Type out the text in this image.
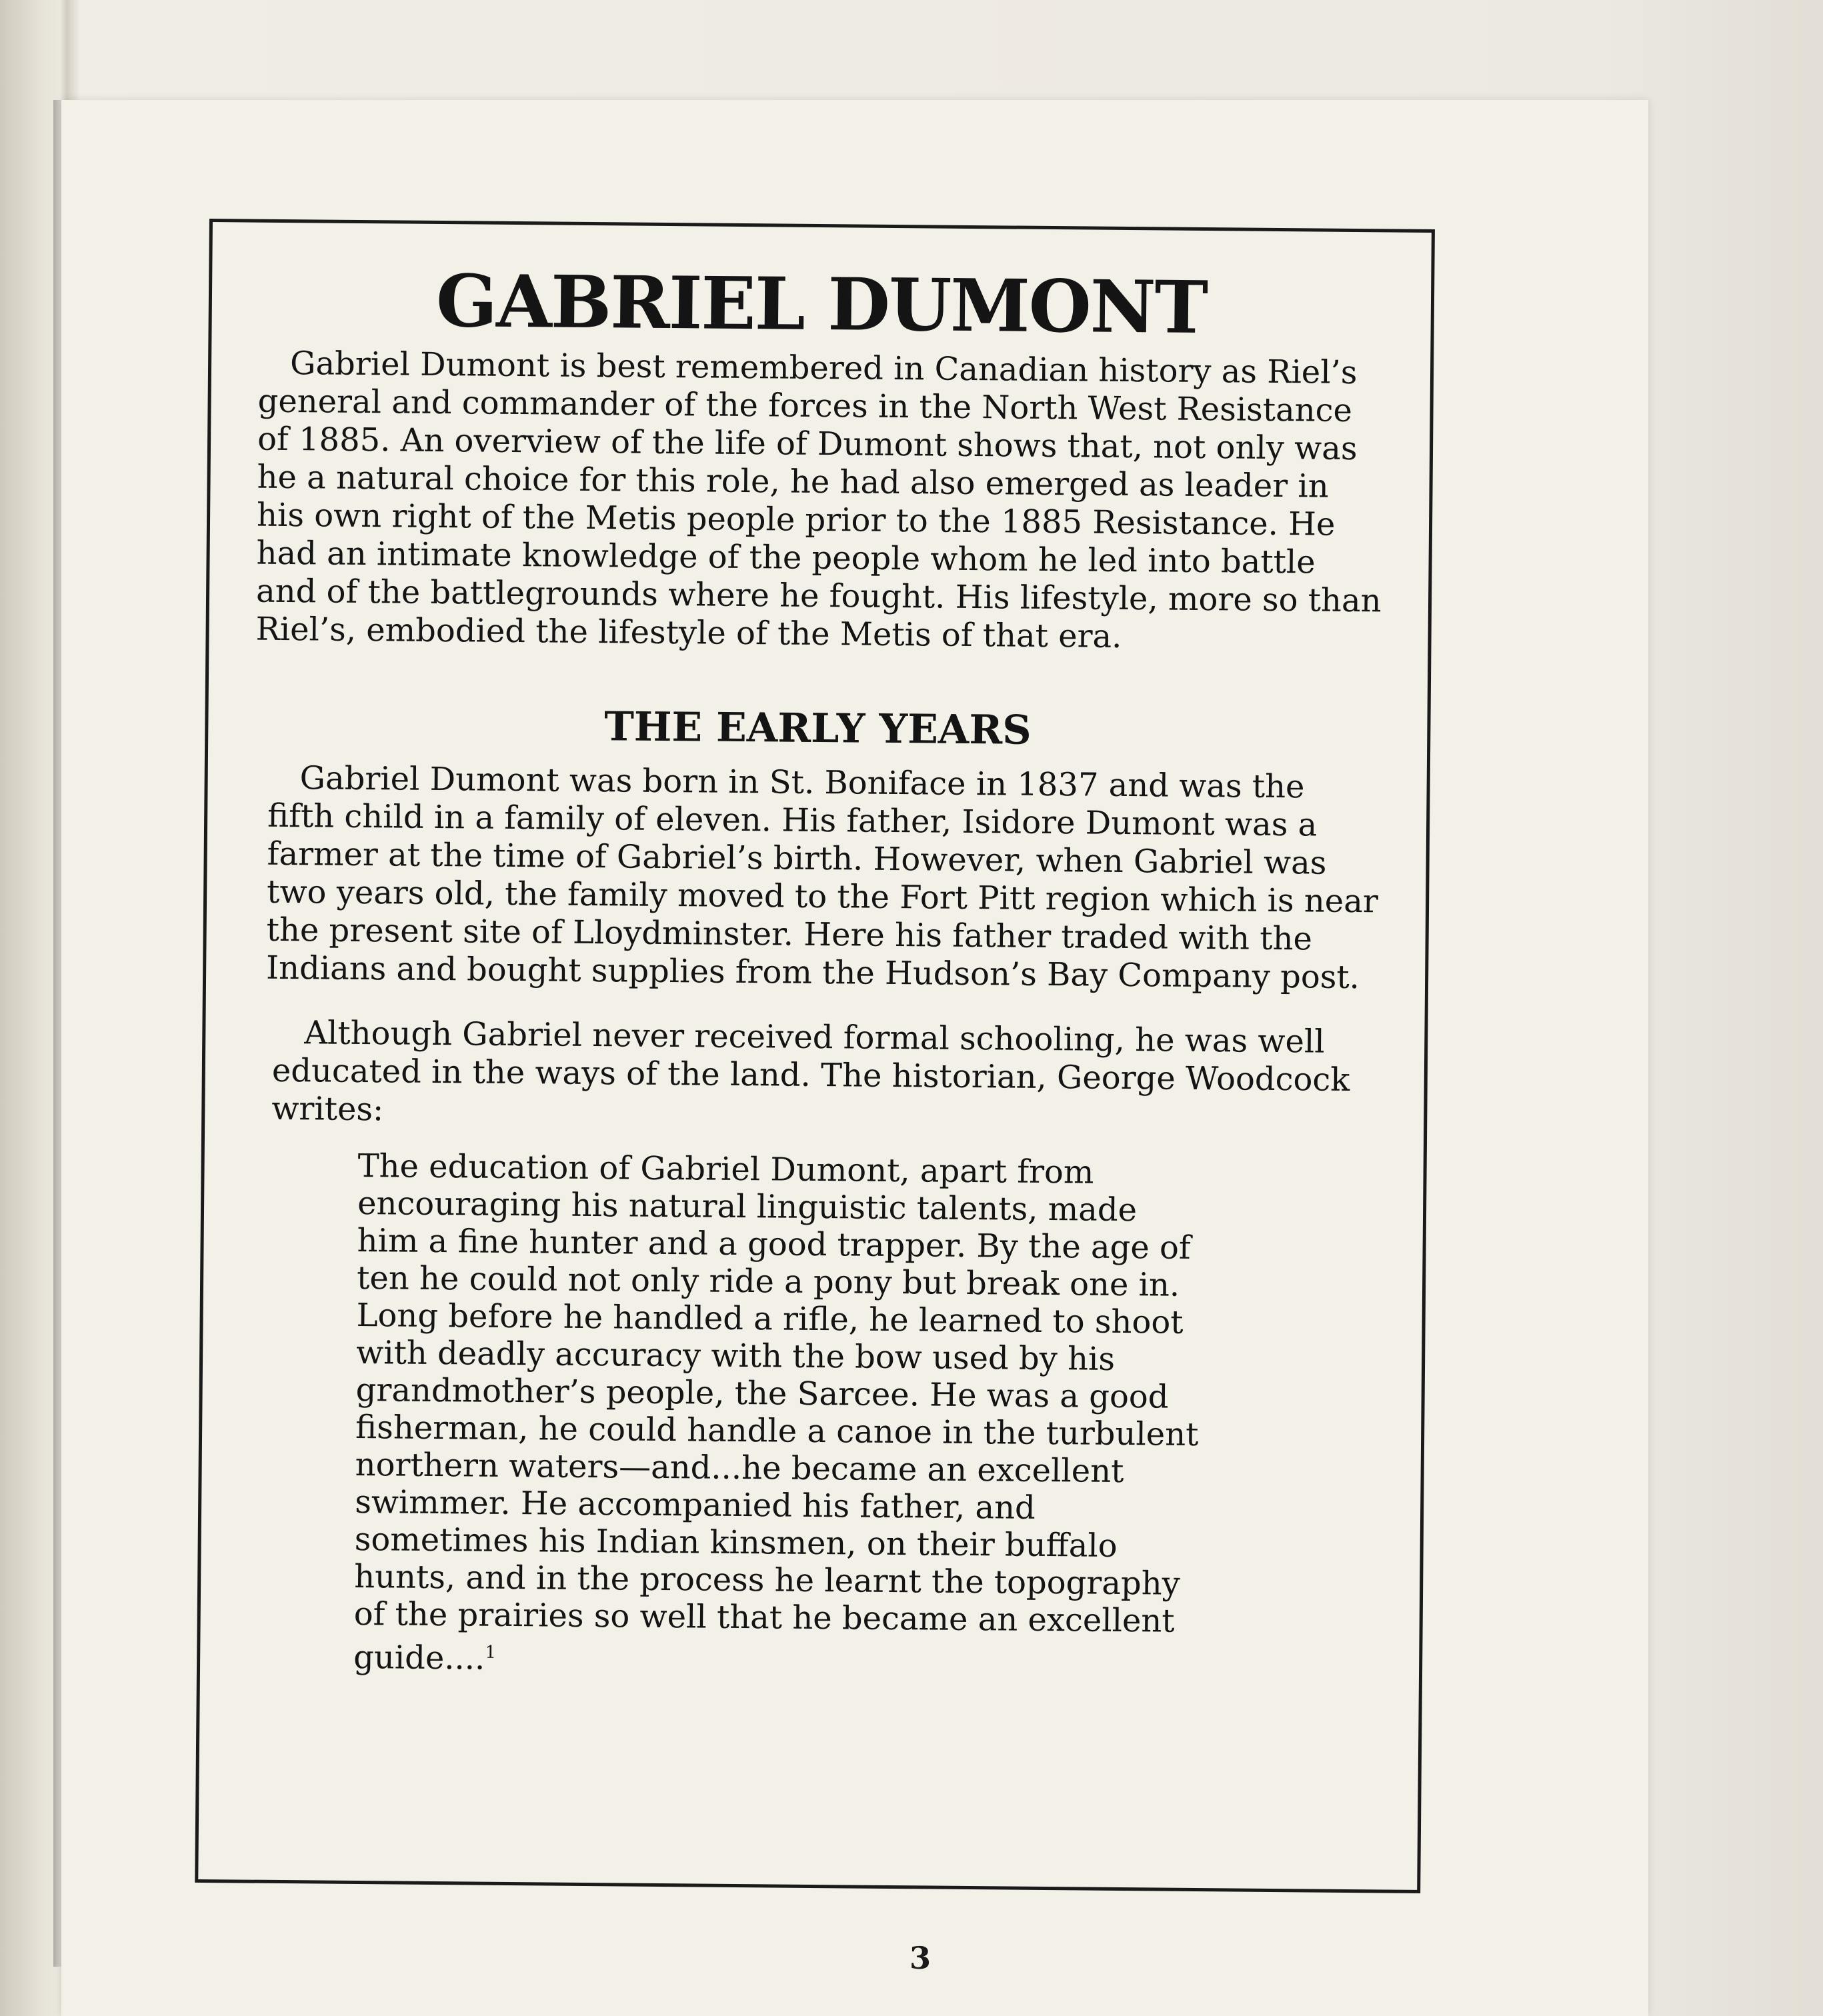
GABRIEL DUMONT

Gabriel Dumont is best remembered in Canadian history as Riel’s general and commander of the forces in the North West Resistance of 1885. An overview of the life of Dumont shows that, not only was he a natural choice for this role, he had also emerged as leader in his own right of the Metis people prior to the 1885 Resistance. He had an intimate knowledge of the people whom he led into battle and of the battlegrounds where he fought. His lifestyle, more so than Riel’s, embodied the lifestyle of the Metis of that era.

THE EARLY YEARS

Gabriel Dumont was born in St. Boniface in 1837 and was the fifth child in a family of eleven. His father, Isidore Dumont was a farmer at the time of Gabriel’s birth. However, when Gabriel was two years old, the family moved to the Fort Pitt region which is near the present site of Lloydminster. Here his father traded with the Indians and bought supplies from the Hudson’s Bay Company post.

Although Gabriel never received formal schooling, he was well educated in the ways of the land. The historian, George Woodcock writes:

The education of Gabriel Dumont, apart from encouraging his natural linguistic talents, made him a fine hunter and a good trapper. By the age of ten he could not only ride a pony but break one in. Long before he handled a rifle, he learned to shoot with deadly accuracy with the bow used by his grandmother’s people, the Sarcee. He was a good fisherman, he could handle a canoe in the turbulent northern waters—and...he became an excellent swimmer. He accompanied his father, and sometimes his Indian kinsmen, on their buffalo hunts, and in the process he learnt the topography of the prairies so well that he became an excellent guide....$^1$

3
